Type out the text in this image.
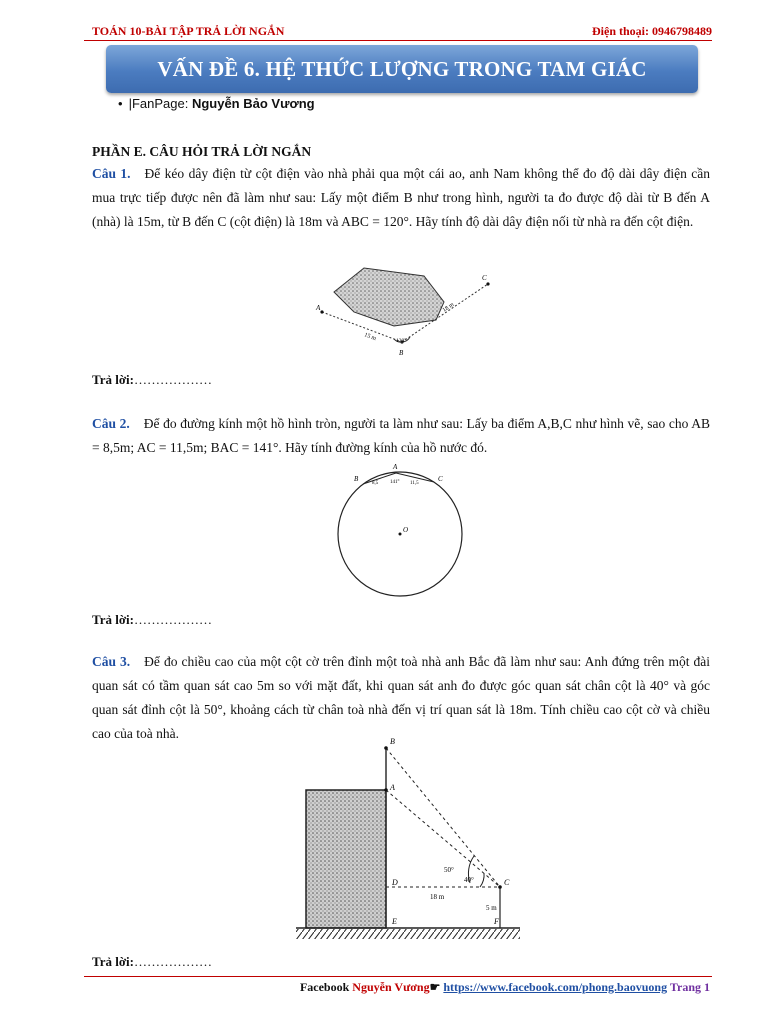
TOÁN 10-BÀI TẬP TRẢ LỜI NGẮN	Điện thoại: 0946798489
VẤN ĐỀ 6. HỆ THỨC LƯỢNG TRONG TAM GIÁC
• |FanPage: Nguyễn Bảo Vương
PHẦN E. CÂU HỎI TRẢ LỜI NGẮN
Câu 1. Để kéo dây điện từ cột điện vào nhà phải qua một cái ao, anh Nam không thể đo độ dài dây điện cần mua trực tiếp được nên đã làm như sau: Lấy một điểm B như trong hình, người ta đo được độ dài từ B đến A (nhà) là 15m, từ B đến C (cột điện) là 18m và ABC = 120°. Hãy tính độ dài dây điện nối từ nhà ra đến cột điện.
A
B
C
15 m
18 m
120°
Trả lời:………………
Câu 2. Để đo đường kính một hồ hình tròn, người ta làm như sau: Lấy ba điểm A,B,C như hình vẽ, sao cho AB = 8,5m; AC = 11,5m; BAC = 141°. Hãy tính đường kính của hồ nước đó.
A
B	C
O
8,5 141° 11,5
Trả lời:………………
Câu 3. Để đo chiều cao của một cột cờ trên đỉnh một toà nhà anh Bắc đã làm như sau: Anh đứng trên một đài quan sát có tầm quan sát cao 5m so với mặt đất, khi quan sát anh đo được góc quan sát chân cột là 40° và góc quan sát đỉnh cột là 50°, khoảng cách từ chân toà nhà đến vị trí quan sát là 18m. Tính chiều cao cột cờ và chiều cao của toà nhà.
B
A
C
D
E	F
50°
40°
18 m
5 m
Trả lời:………………
Facebook Nguyễn Vương☛ https://www.facebook.com/phong.baovuong Trang 1
